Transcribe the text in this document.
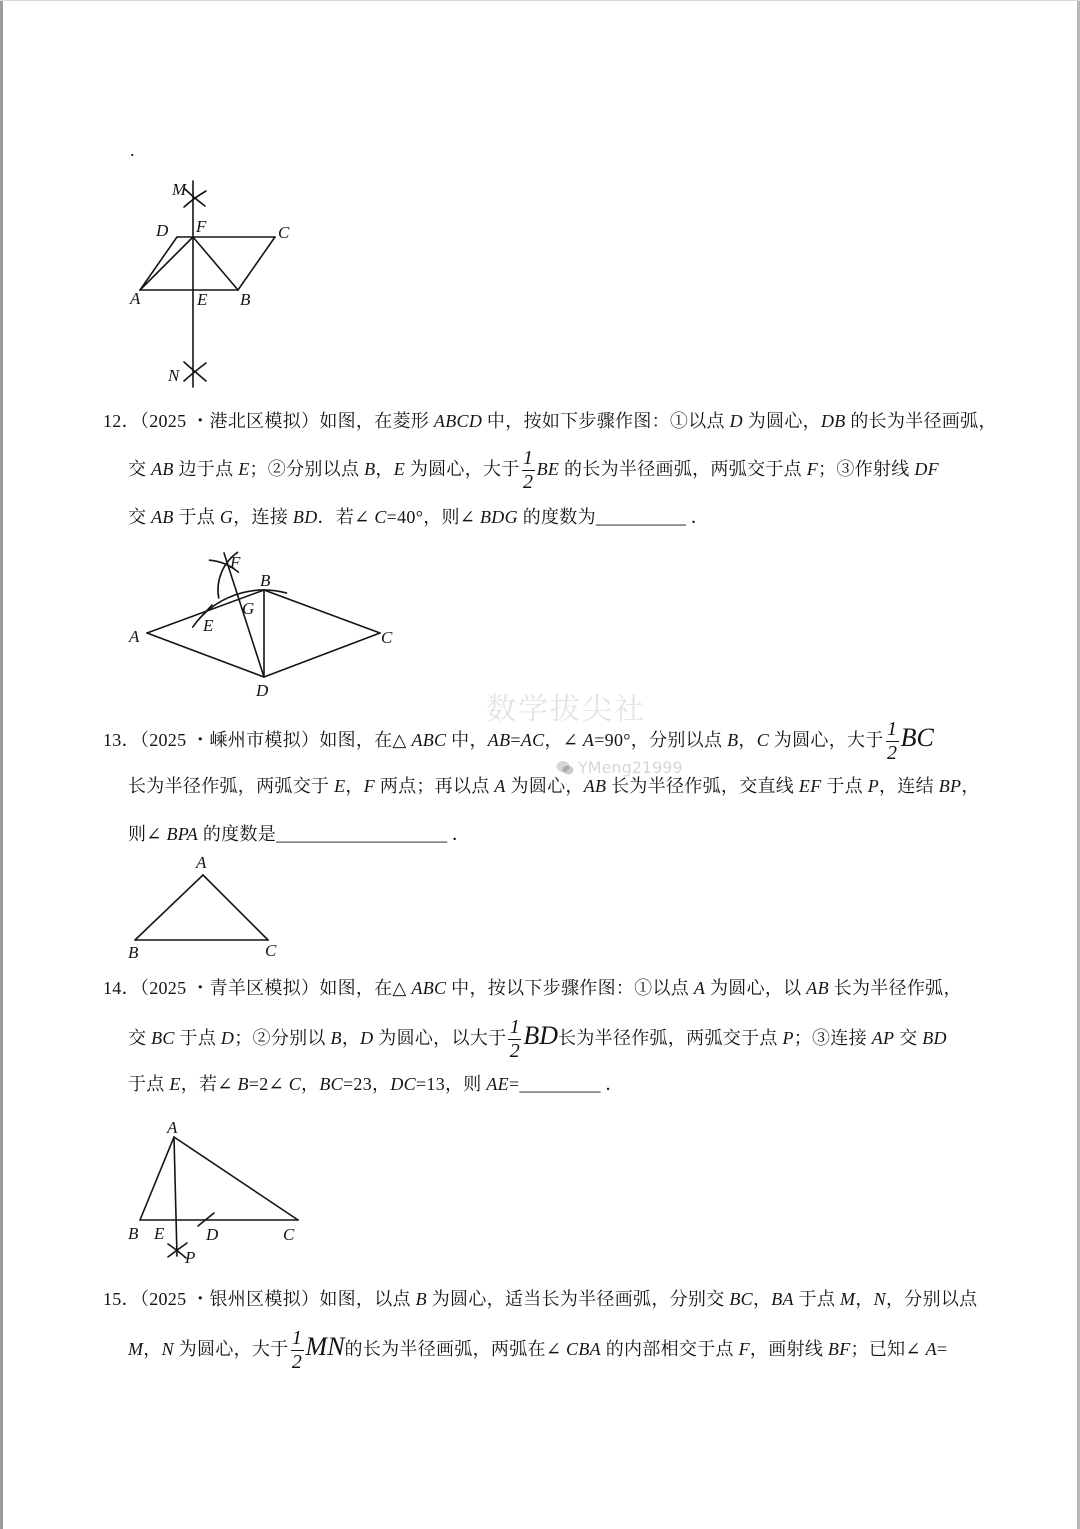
.
M
D F	C
A	E B
N
12．（2025 ・港北区模拟）如图，在菱形 ABCD 中，按如下步骤作图：①以点 D 为圆心，DB 的长为半径画弧，
交 AB 边于点 E；②分别以点 B，E 为圆心，大于 $\frac{1}{2}$ BE 的长为半径画弧，两弧交于点 F；③作射线 DF
交 AB 于点 G，连接 BD．若∠ C=40°，则∠ BDG 的度数为__________ ．
F
B
G
A
E
C
D
数学拔尖社
YMeng21999
13．（2025 ・嵊州市模拟）如图，在△ ABC 中，AB=AC，∠ A=90°，分别以点 B，C 为圆心，大于 $\frac{1}{2}$ BC
长为半径作弧，两弧交于 E，F 两点；再以点 A 为圆心，AB 长为半径作弧，交直线 EF 于点 P，连结 BP，
则∠ BPA 的度数是___________________ ．
A
B	C
14．（2025 ・青羊区模拟）如图，在△ ABC 中，按以下步骤作图：①以点 A 为圆心，以 AB 长为半径作弧，
交 BC 于点 D；②分别以 B，D 为圆心，以大于 $\frac{1}{2}$ BD长为半径作弧，两弧交于点 P；③连接 AP 交 BD
于点 E，若∠ B=2∠ C，BC=23，DC=13，则 AE=_________ ．
A
B E D	C
P
15．（2025 ・银州区模拟）如图，以点 B 为圆心，适当长为半径画弧，分别交 BC，BA 于点 M，N，分别以点
M，N 为圆心，大于 $\frac{1}{2}$ MN的长为半径画弧，两弧在∠ CBA 的内部相交于点 F，画射线 BF；已知∠ A=
